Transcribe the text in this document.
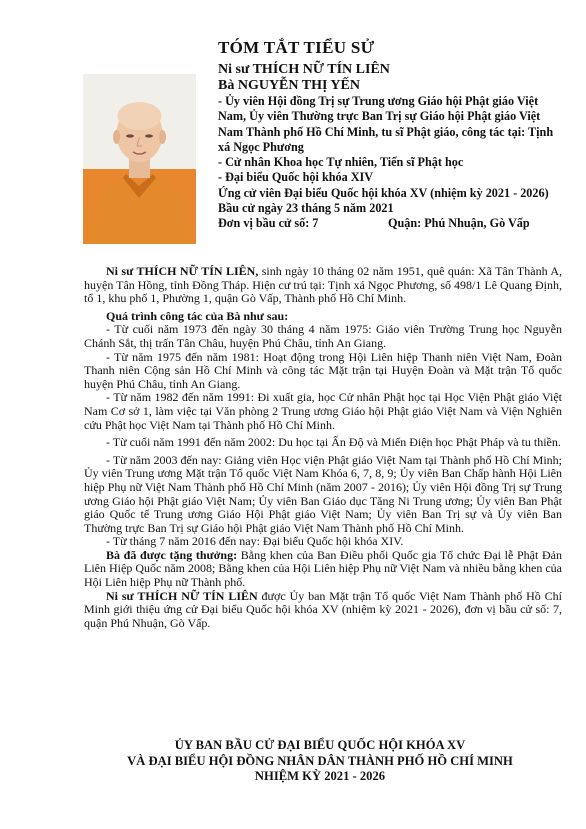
TÓM TẮT TIỂU SỬ
Ni sư THÍCH NỮ TÍN LIÊN
Bà NGUYỄN THỊ YẾN
- Ủy viên Hội đồng Trị sự Trung ương Giáo hội Phật giáo Việt Nam, Ủy viên Thường trực Ban Trị sự Giáo hội Phật giáo Việt Nam Thành phố Hồ Chí Minh, tu sĩ Phật giáo, công tác tại: Tịnh xá Ngọc Phương
- Cử nhân Khoa học Tự nhiên, Tiến sĩ Phật học
- Đại biểu Quốc hội khóa XIV
Ứng cử viên Đại biểu Quốc hội khóa XV (nhiệm kỳ 2021 - 2026)
Bầu cử ngày 23 tháng 5 năm 2021
Đơn vị bầu cử số: 7	Quận: Phú Nhuận, Gò Vấp

Ni sư THÍCH NỮ TÍN LIÊN, sinh ngày 10 tháng 02 năm 1951, quê quán: Xã Tân Thành A, huyện Tân Hồng, tỉnh Đồng Tháp. Hiện cư trú tại: Tịnh xá Ngọc Phương, số 498/1 Lê Quang Định, tổ 1, khu phố 1, Phường 1, quận Gò Vấp, Thành phố Hồ Chí Minh.

Quá trình công tác của Bà như sau:

- Từ cuối năm 1973 đến ngày 30 tháng 4 năm 1975: Giáo viên Trường Trung học Nguyễn Chánh Sắt, thị trấn Tân Châu, huyện Phú Châu, tỉnh An Giang.

- Từ năm 1975 đến năm 1981: Hoạt động trong Hội Liên hiệp Thanh niên Việt Nam, Đoàn Thanh niên Cộng sản Hồ Chí Minh và công tác Mặt trận tại Huyện Đoàn và Mặt trận Tổ quốc huyện Phú Châu, tỉnh An Giang.

- Từ năm 1982 đến năm 1991: Đi xuất gia, học Cử nhân Phật học tại Học Viện Phật giáo Việt Nam Cơ sở 1, làm việc tại Văn phòng 2 Trung ương Giáo hội Phật giáo Việt Nam và Viện Nghiên cứu Phật học Việt Nam tại Thành phố Hồ Chí Minh.

- Từ cuối năm 1991 đến năm 2002: Du học tại Ấn Độ và Miến Điện học Phật Pháp và tu thiền.

- Từ năm 2003 đến nay: Giảng viên Học viện Phật giáo Việt Nam tại Thành phố Hồ Chí Minh; Ủy viên Trung ương Mặt trận Tổ quốc Việt Nam Khóa 6, 7, 8, 9; Ủy viên Ban Chấp hành Hội Liên hiệp Phụ nữ Việt Nam Thành phố Hồ Chí Minh (năm 2007 - 2016); Ủy viên Hội đồng Trị sự Trung ương Giáo hội Phật giáo Việt Nam; Ủy viên Ban Giáo dục Tăng Ni Trung ương; Ủy viên Ban Phật giáo Quốc tế Trung ương Giáo Hội Phật giáo Việt Nam; Ủy viên Ban Trị sự và Ủy viên Ban Thường trực Ban Trị sự Giáo hội Phật giáo Việt Nam Thành phố Hồ Chí Minh.

- Từ tháng 7 năm 2016 đến nay: Đại biểu Quốc hội khóa XIV.

Bà đã được tặng thưởng: Bằng khen của Ban Điều phối Quốc gia Tổ chức Đại lễ Phật Đản Liên Hiệp Quốc năm 2008; Bằng khen của Hội Liên hiệp Phụ nữ Việt Nam và nhiều bằng khen của Hội Liên hiệp Phụ nữ Thành phố.

Ni sư THÍCH NỮ TÍN LIÊN được Ủy ban Mặt trận Tổ quốc Việt Nam Thành phố Hồ Chí Minh giới thiệu ứng cử Đại biểu Quốc hội khóa XV (nhiệm kỳ 2021 - 2026), đơn vị bầu cử số: 7, quận Phú Nhuận, Gò Vấp.

ỦY BAN BẦU CỬ ĐẠI BIỂU QUỐC HỘI KHÓA XV
VÀ ĐẠI BIỂU HỘI ĐỒNG NHÂN DÂN THÀNH PHỐ HỒ CHÍ MINH
NHIỆM KỲ 2021 - 2026
